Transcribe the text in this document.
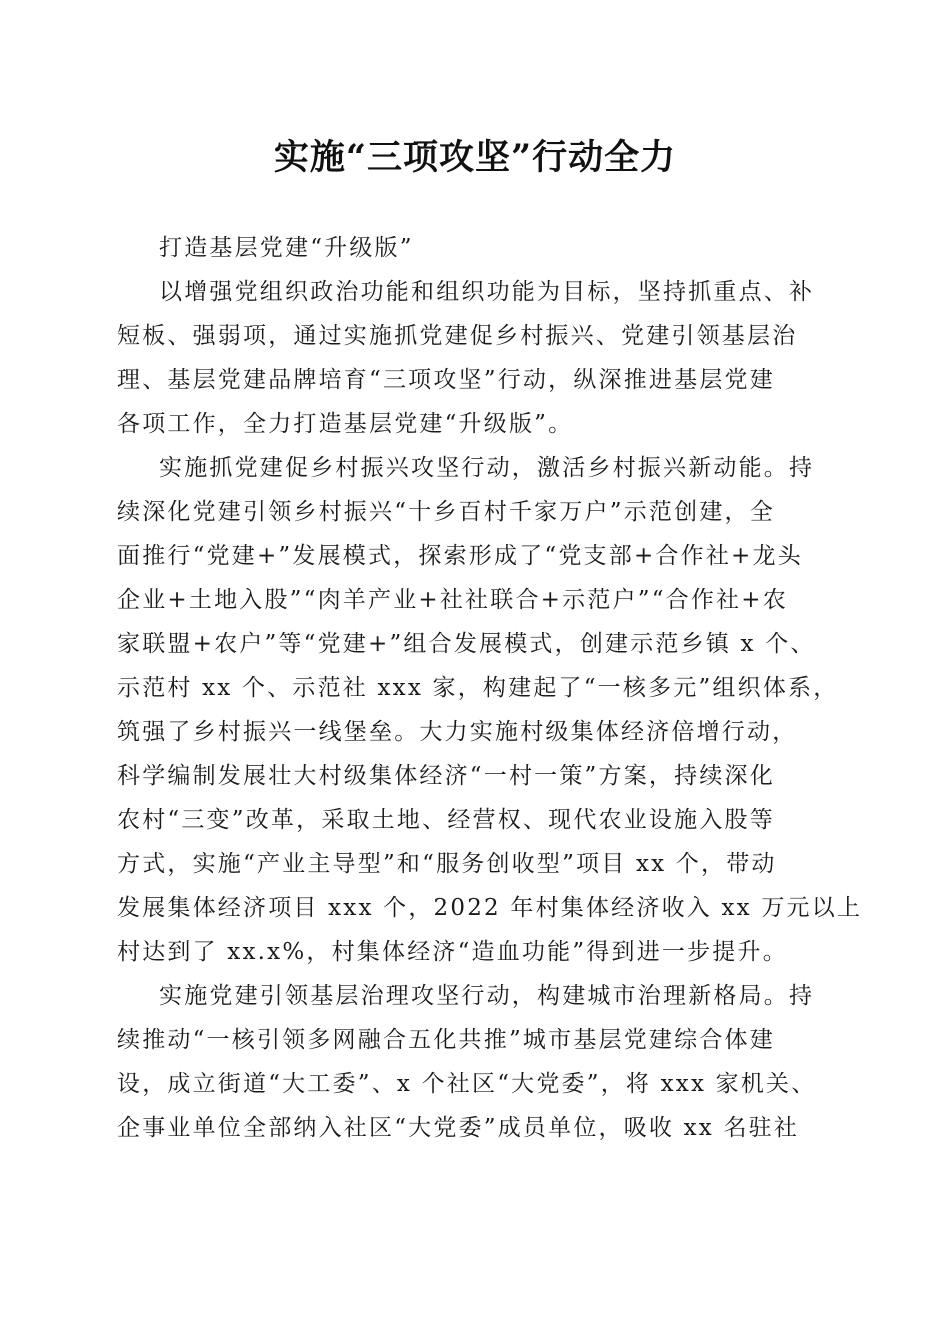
实施“三项攻坚”行动全力

打造基层党建“升级版”

以增强党组织政治功能和组织功能为目标，坚持抓重点、补
短板、强弱项，通过实施抓党建促乡村振兴、党建引领基层治
理、基层党建品牌培育“三项攻坚”行动，纵深推进基层党建
各项工作，全力打造基层党建“升级版”。

实施抓党建促乡村振兴攻坚行动，激活乡村振兴新动能。持
续深化党建引领乡村振兴“十乡百村千家万户”示范创建，全
面推行“党建+”发展模式，探索形成了“党支部+合作社+龙头
企业+土地入股”“肉羊产业+社社联合+示范户”“合作社+农
家联盟+农户”等“党建+”组合发展模式，创建示范乡镇 x 个、
示范村 xx 个、示范社 xxx 家，构建起了“一核多元”组织体系，
筑强了乡村振兴一线堡垒。大力实施村级集体经济倍增行动，
科学编制发展壮大村级集体经济“一村一策”方案，持续深化
农村“三变”改革，采取土地、经营权、现代农业设施入股等
方式，实施“产业主导型”和“服务创收型”项目 xx 个，带动
发展集体经济项目 xxx 个，2022 年村集体经济收入 xx 万元以上
村达到了 xx.x%，村集体经济“造血功能”得到进一步提升。

实施党建引领基层治理攻坚行动，构建城市治理新格局。持
续推动“一核引领多网融合五化共推”城市基层党建综合体建
设，成立街道“大工委”、x 个社区“大党委”，将 xxx 家机关、
企事业单位全部纳入社区“大党委”成员单位，吸收 xx 名驻社
